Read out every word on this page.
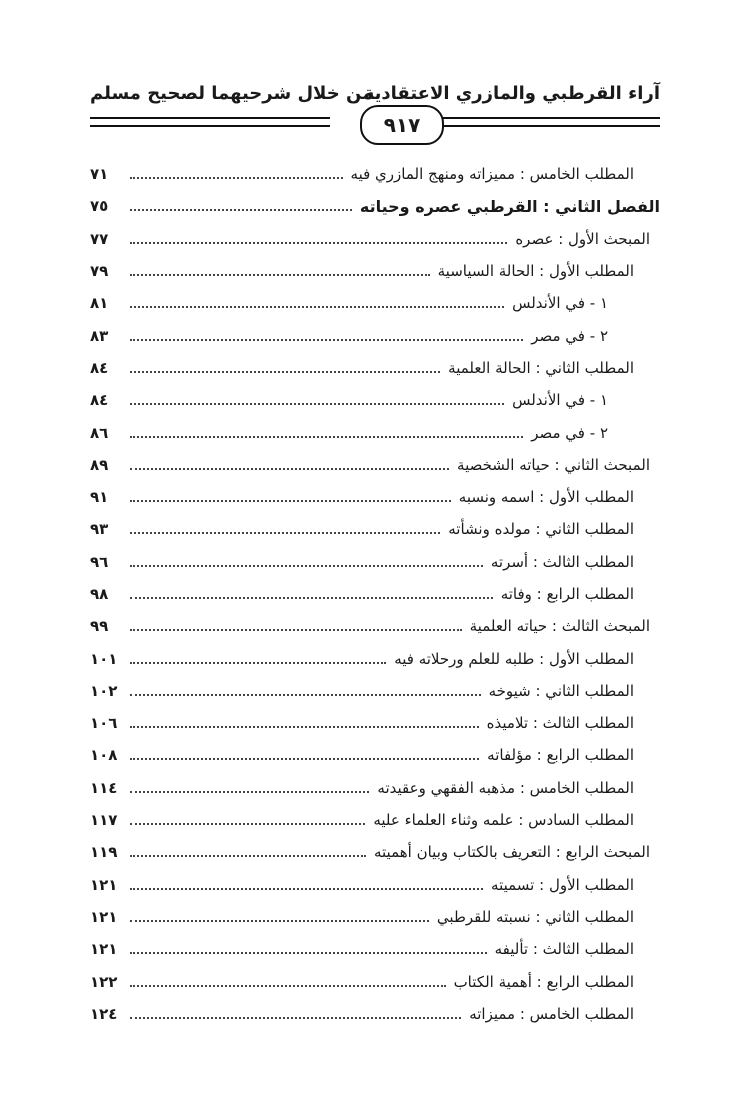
آراء القرطبي والمازري الاعتقادية
من خلال شرحيهما لصحيح مسلم
٩١٧
المطلب الخامس : مميزاته ومنهج المازري فيه
٧١
الفصل الثاني : القرطبي عصره وحياته
٧٥
المبحث الأول : عصره
٧٧
المطلب الأول : الحالة السياسية
٧٩
١ - في الأندلس
٨١
٢ - في مصر
٨٣
المطلب الثاني : الحالة العلمية
٨٤
١ - في الأندلس
٨٤
٢ - في مصر
٨٦
المبحث الثاني : حياته الشخصية
٨٩
المطلب الأول : اسمه ونسبه
٩١
المطلب الثاني : مولده ونشأته
٩٣
المطلب الثالث : أسرته
٩٦
المطلب الرابع : وفاته
٩٨
المبحث الثالث : حياته العلمية
٩٩
المطلب الأول : طلبه للعلم ورحلاته فيه
١٠١
المطلب الثاني : شيوخه
١٠٢
المطلب الثالث : تلاميذه
١٠٦
المطلب الرابع : مؤلفاته
١٠٨
المطلب الخامس : مذهبه الفقهي وعقيدته
١١٤
المطلب السادس : علمه وثناء العلماء عليه
١١٧
المبحث الرابع : التعريف بالكتاب وبيان أهميته
١١٩
المطلب الأول : تسميته
١٢١
المطلب الثاني : نسبته للقرطبي
١٢١
المطلب الثالث : تأليفه
١٢١
المطلب الرابع : أهمية الكتاب
١٢٢
المطلب الخامس : مميزاته
١٢٤
